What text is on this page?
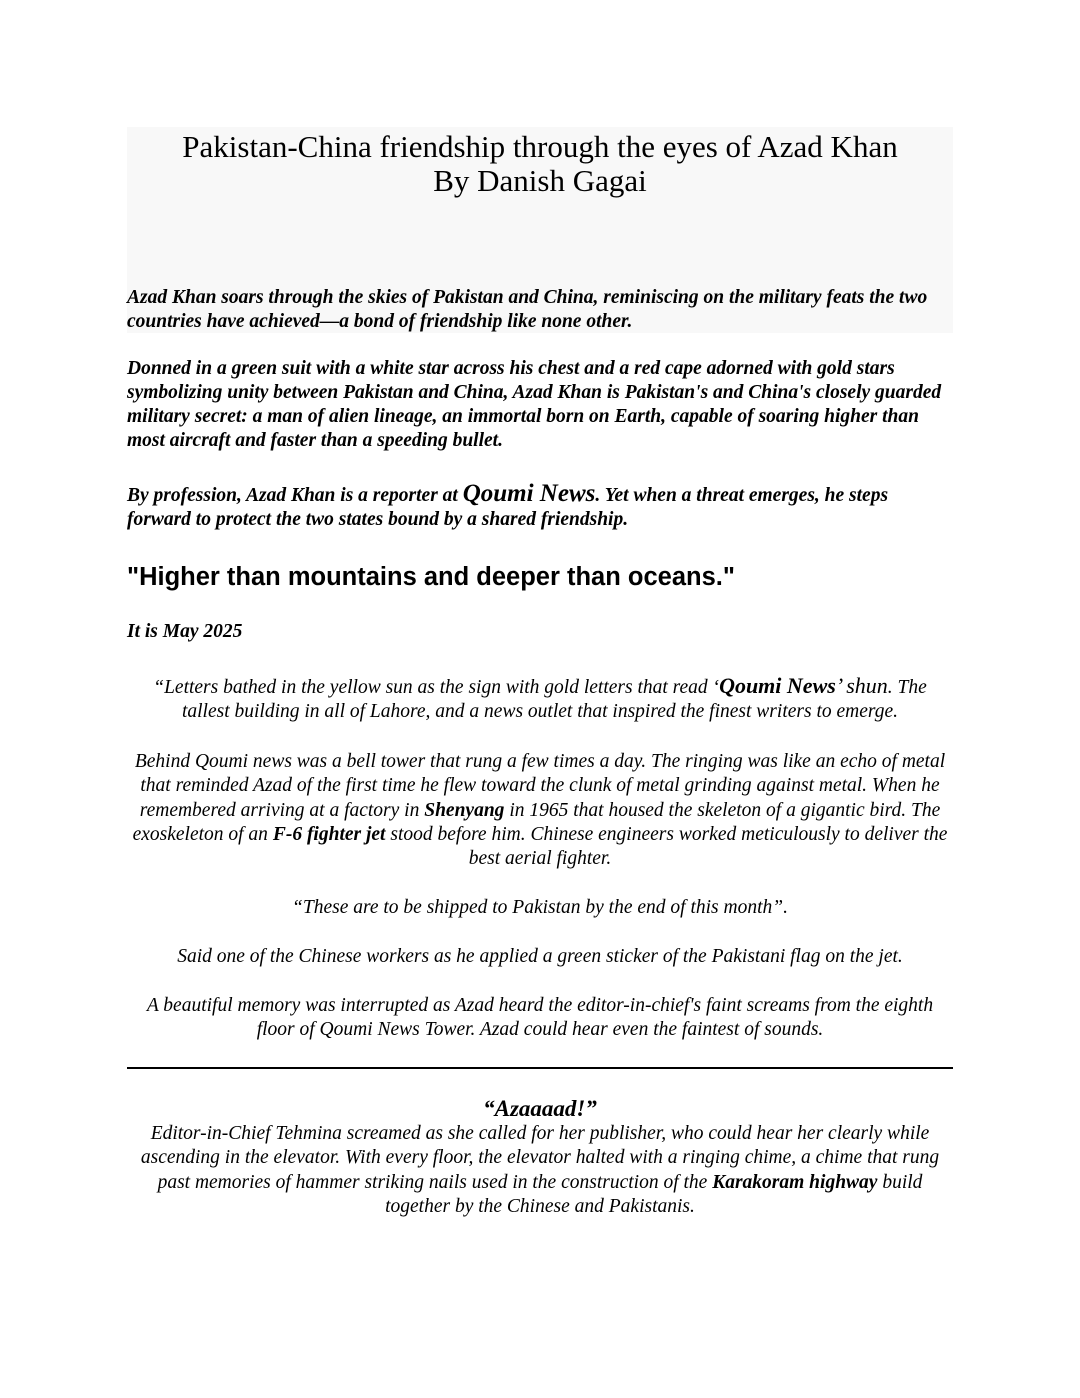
Pakistan-China friendship through the eyes of Azad Khan
By Danish Gagai

Azad Khan soars through the skies of Pakistan and China, reminiscing on the military feats the two countries have achieved—a bond of friendship like none other.

Donned in a green suit with a white star across his chest and a red cape adorned with gold stars symbolizing unity between Pakistan and China, Azad Khan is Pakistan's and China's closely guarded military secret: a man of alien lineage, an immortal born on Earth, capable of soaring higher than most aircraft and faster than a speeding bullet.

By profession, Azad Khan is a reporter at Qoumi News. Yet when a threat emerges, he steps forward to protect the two states bound by a shared friendship.

"Higher than mountains and deeper than oceans."

It is May 2025

“Letters bathed in the yellow sun as the sign with gold letters that read ‘Qoumi News’ shun. The tallest building in all of Lahore, and a news outlet that inspired the finest writers to emerge.

Behind Qoumi news was a bell tower that rung a few times a day. The ringing was like an echo of metal that reminded Azad of the first time he flew toward the clunk of metal grinding against metal. When he remembered arriving at a factory in Shenyang in 1965 that housed the skeleton of a gigantic bird. The exoskeleton of an F-6 fighter jet stood before him. Chinese engineers worked meticulously to deliver the best aerial fighter.

“These are to be shipped to Pakistan by the end of this month”.

Said one of the Chinese workers as he applied a green sticker of the Pakistani flag on the jet.

A beautiful memory was interrupted as Azad heard the editor-in-chief's faint screams from the eighth floor of Qoumi News Tower. Azad could hear even the faintest of sounds.

“Azaaaad!”

Editor-in-Chief Tehmina screamed as she called for her publisher, who could hear her clearly while ascending in the elevator. With every floor, the elevator halted with a ringing chime, a chime that rung past memories of hammer striking nails used in the construction of the Karakoram highway build together by the Chinese and Pakistanis.
